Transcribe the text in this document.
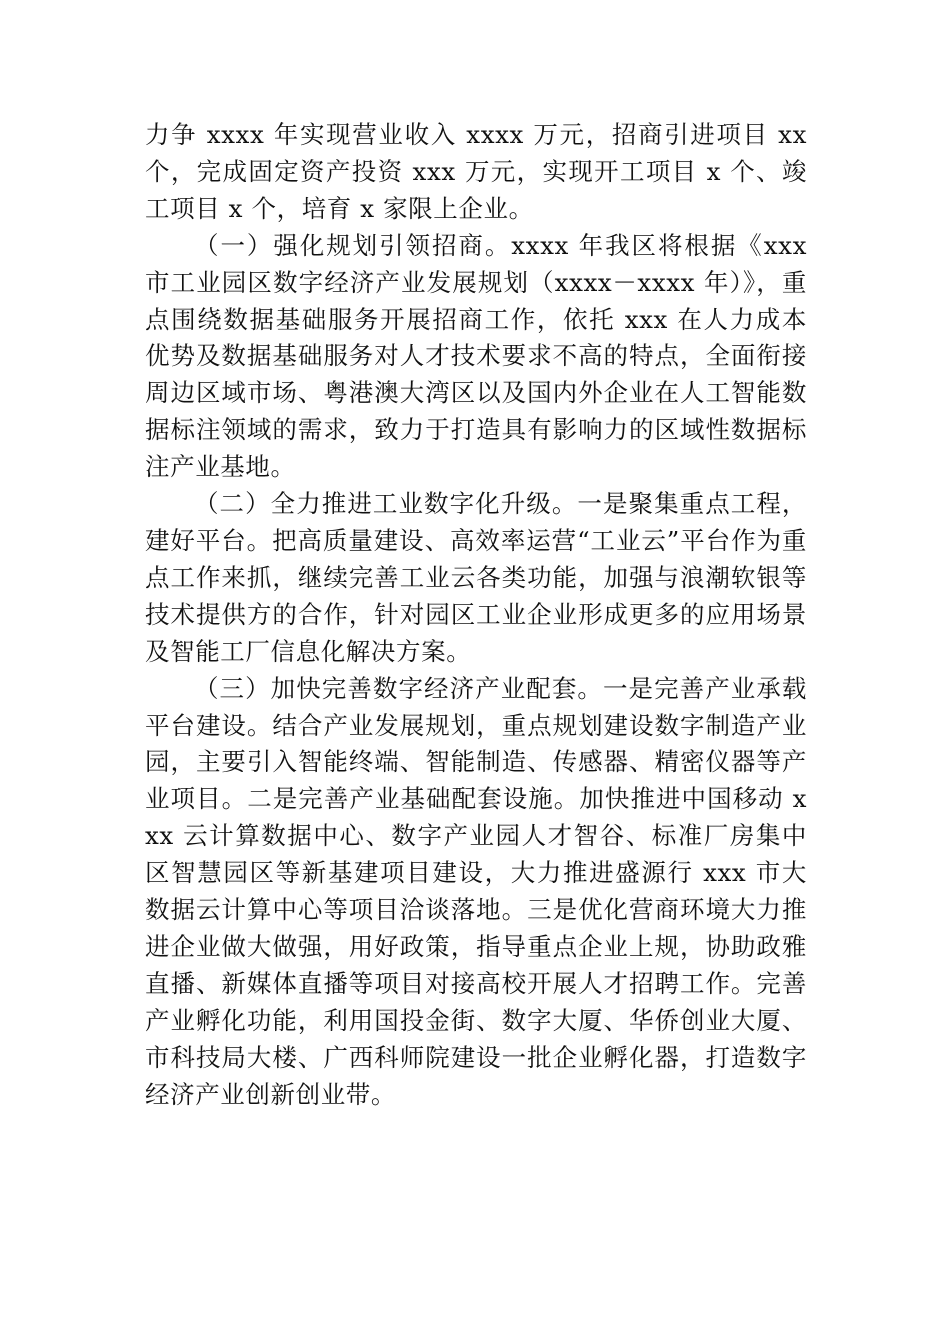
力争 xxxx 年实现营业收入 xxxx 万元，招商引进项目 xx 个，完成固定资产投资 xxx 万元，实现开工项目 x 个、竣工项目 x 个，培育 x 家限上企业。

（一）强化规划引领招商。xxxx 年我区将根据《xxx 市工业园区数字经济产业发展规划（xxxx－xxxx 年）》，重点围绕数据基础服务开展招商工作，依托 xxx 在人力成本优势及数据基础服务对人才技术要求不高的特点，全面衔接周边区域市场、粤港澳大湾区以及国内外企业在人工智能数据标注领域的需求，致力于打造具有影响力的区域性数据标注产业基地。

（二）全力推进工业数字化升级。一是聚集重点工程，建好平台。把高质量建设、高效率运营“工业云”平台作为重点工作来抓，继续完善工业云各类功能，加强与浪潮软银等技术提供方的合作，针对园区工业企业形成更多的应用场景及智能工厂信息化解决方案。

（三）加快完善数字经济产业配套。一是完善产业承载平台建设。结合产业发展规划，重点规划建设数字制造产业园，主要引入智能终端、智能制造、传感器、精密仪器等产业项目。二是完善产业基础配套设施。加快推进中国移动 xxx 云计算数据中心、数字产业园人才智谷、标准厂房集中区智慧园区等新基建项目建设，大力推进盛源行 xxx 市大数据云计算中心等项目洽谈落地。三是优化营商环境大力推进企业做大做强，用好政策，指导重点企业上规，协助政雅直播、新媒体直播等项目对接高校开展人才招聘工作。完善产业孵化功能，利用国投金街、数字大厦、华侨创业大厦、市科技局大楼、广西科师院建设一批企业孵化器，打造数字经济产业创新创业带。
